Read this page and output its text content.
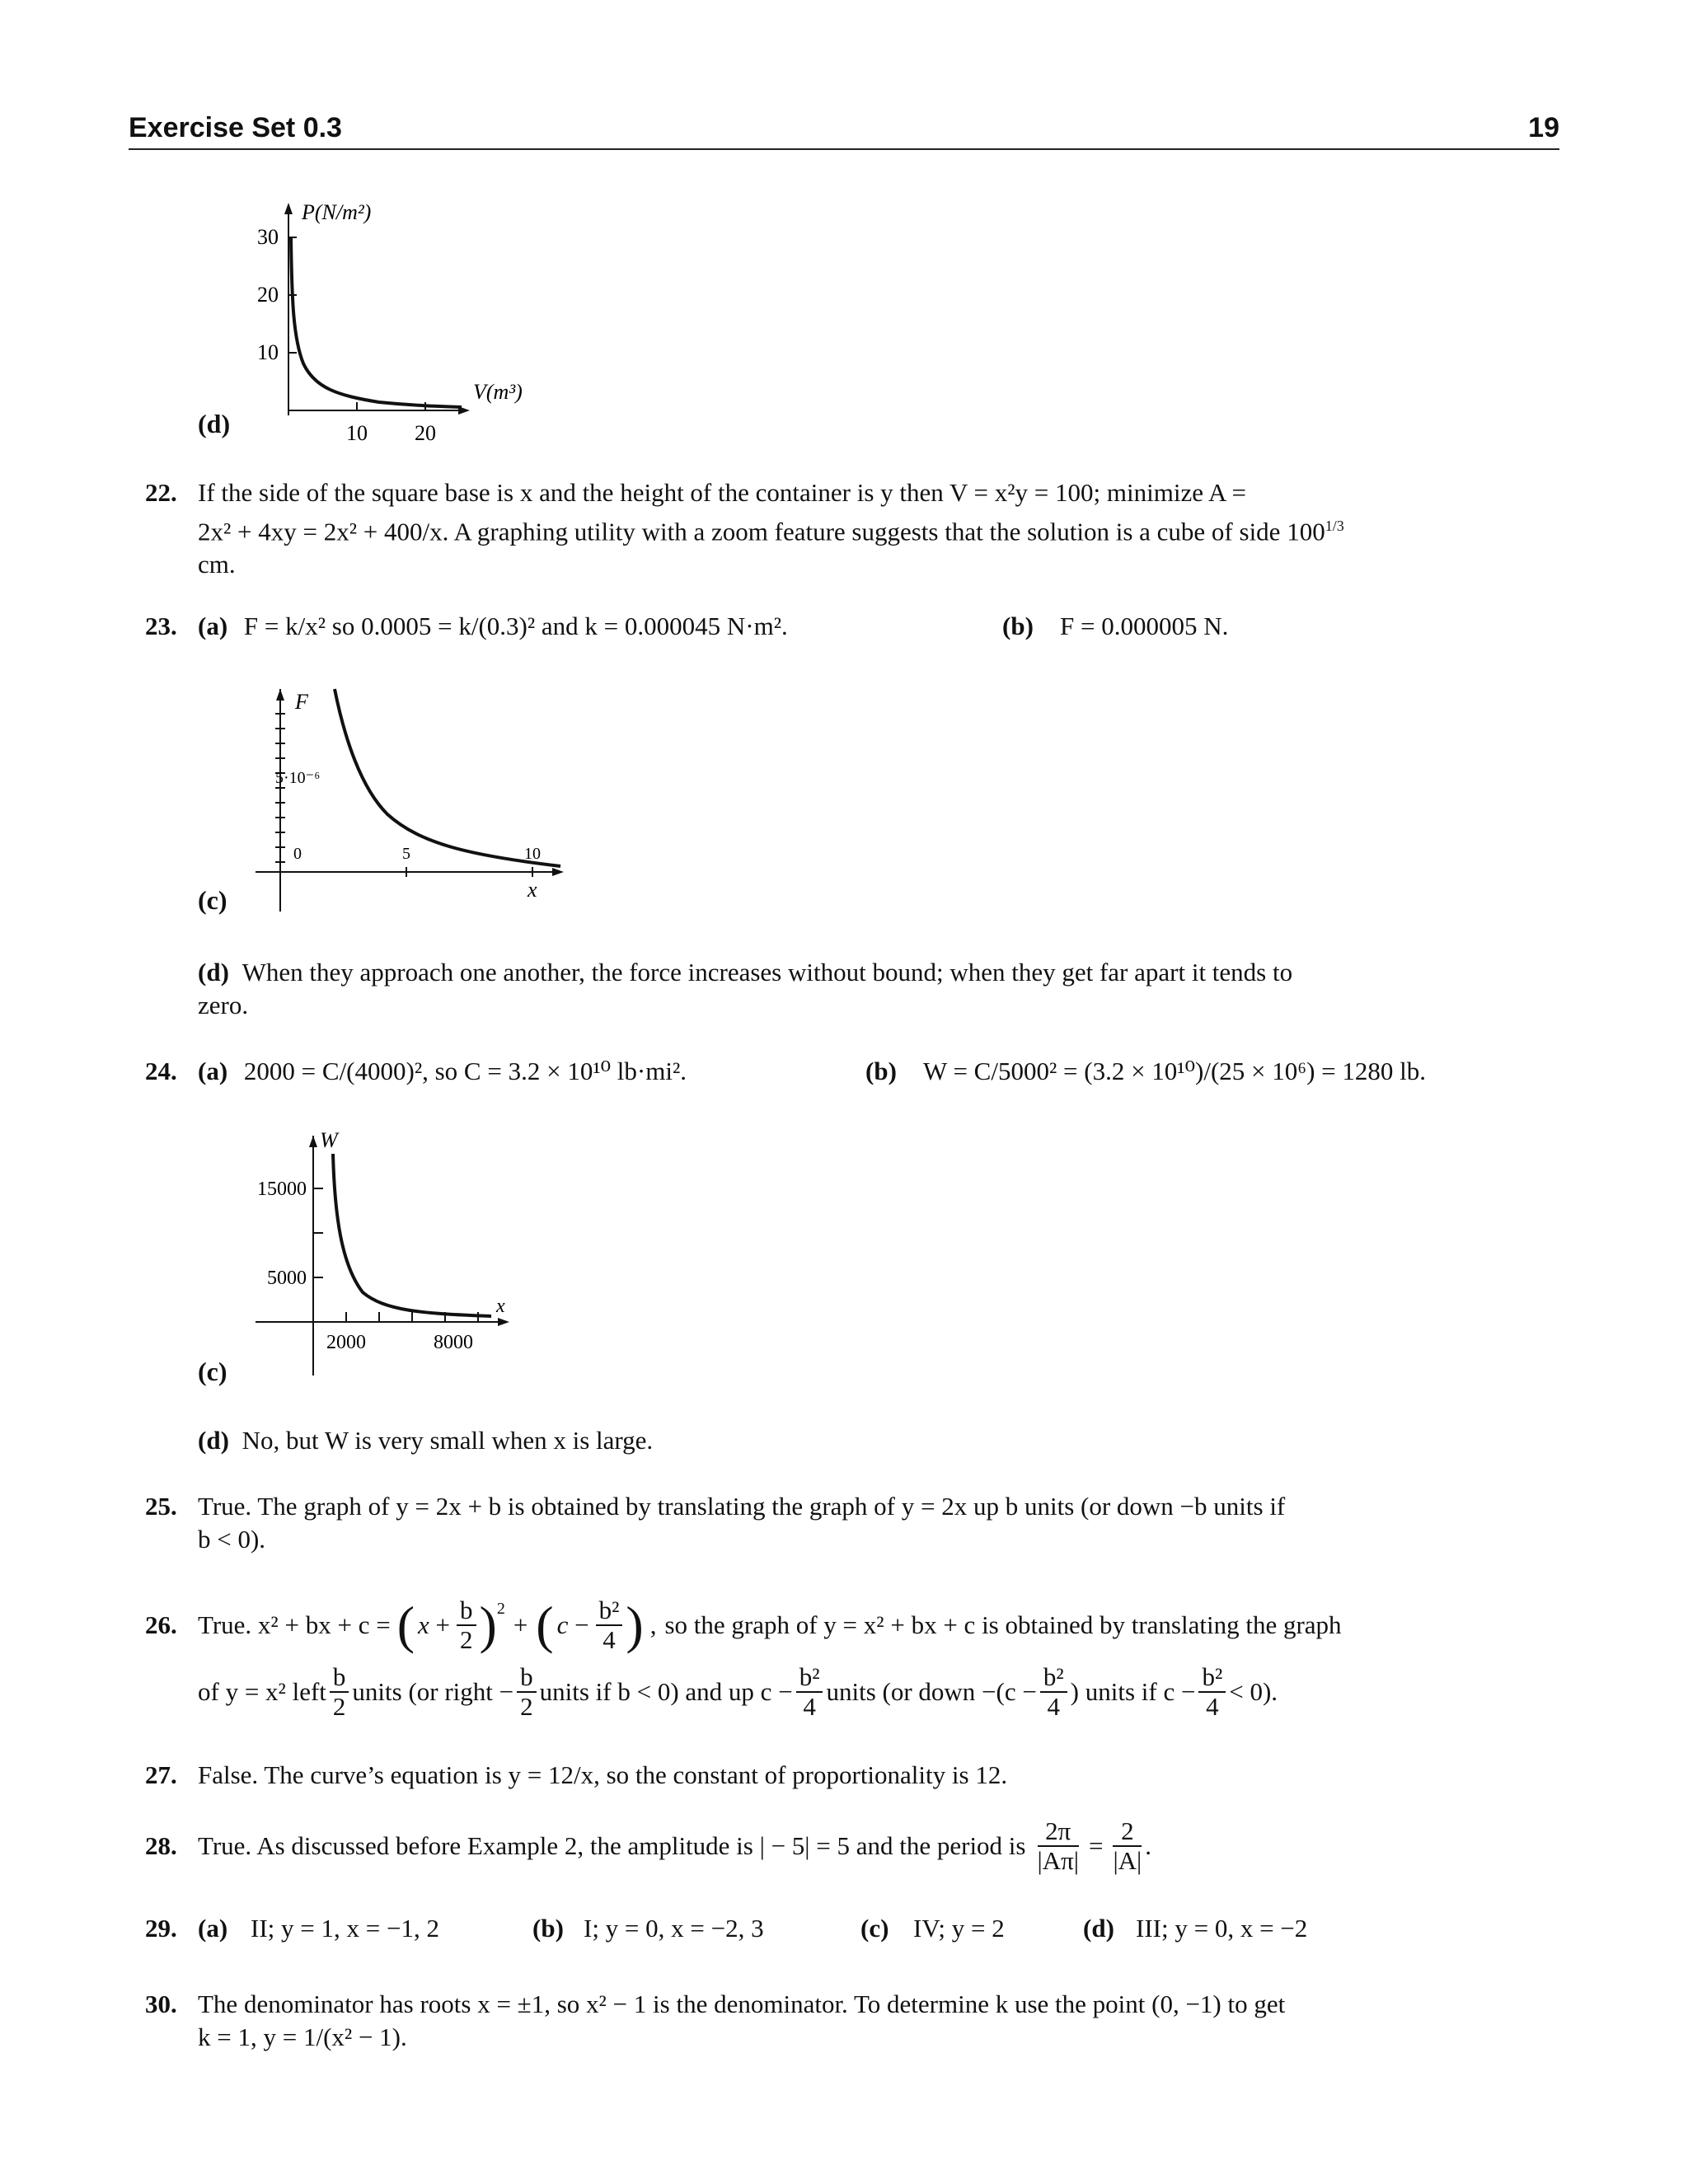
Exercise Set 0.3	19
(d)
30
20
10
10 20
P(N/m²)
V(m³)
22. If the side of the square base is x and the height of the container is y then V = x²y = 100; minimize A =
2x² + 4xy = 2x² + 400/x. A graphing utility with a zoom feature suggests that the solution is a cube of side $100^{1/3}$
cm.
23. (a) F = k/x² so 0.0005 = k/(0.3)² and k = 0.000045 N·m².	(b) F = 0.000005 N.
(c)
F
5·10⁻⁶
0	5	10
x
(d) When they approach one another, the force increases without bound; when they get far apart it tends to
zero.
24. (a) 2000 = C/(4000)², so C = 3.2 × 10¹⁰ lb·mi².	(b) W = C/5000² = (3.2 × 10¹⁰)/(25 × 10⁶) = 1280 lb.
(c)
W
15000
5000
2000	8000
x
(d) No, but W is very small when x is large.
25. True. The graph of y = 2x + b is obtained by translating the graph of y = 2x up b units (or down −b units if
b < 0).
26. True. x² + bx + c = ( $x + \frac{b}{2} )^2$
+ ( $c - \frac{\text{b²}}{4}$ ) , so the graph of y = x² + bx + c is obtained by translating the graph
of y = x² left $\frac{b}{2}$ units (or right − $\frac{b}{2}$ units if b < 0) and up $c - \frac{\text{b²}}{4}$ units (or down $-(c - \frac{\text{b²}}{4}$ ) units if $c - \frac{\text{b²}}{4} < 0$).
27. False. The curve’s equation is y = 12/x, so the constant of proportionality is 12.
28. True. As discussed before Example 2, the amplitude is | − 5| = 5 and the period is $\frac{2\pi}{|A\pi|} = \frac{2}{|A|}$ .
29. (a) II; y = 1, x = −1, 2	(b) I; y = 0, x = −2, 3	(c) IV; y = 2	(d) III; y = 0, x = −2
30. The denominator has roots x = ±1, so x² − 1 is the denominator. To determine k use the point (0, −1) to get
k = 1, y = 1/(x² − 1).
